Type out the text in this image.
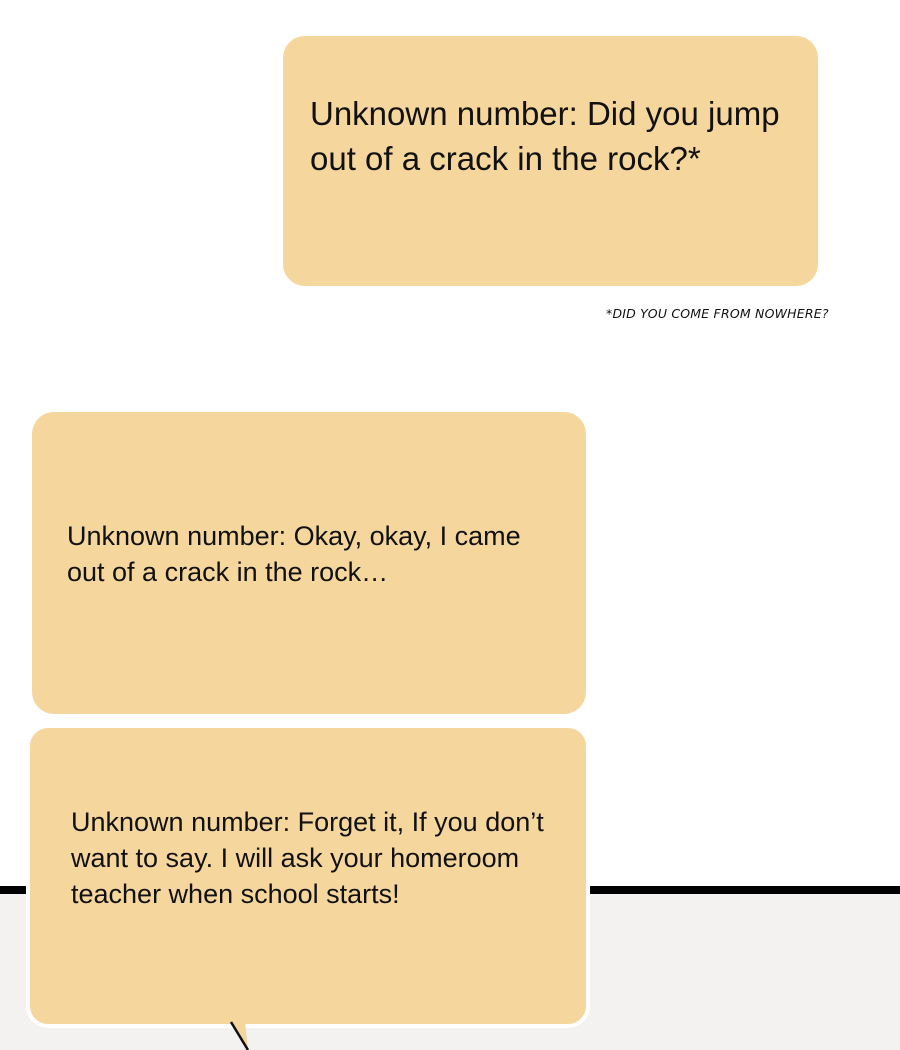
Unknown number: Did you jump out of a crack in the rock?*
*DID YOU COME FROM NOWHERE?
Unknown number: Okay, okay, I came out of a crack in the rock…
Unknown number: Forget it, If you don’t want to say. I will ask your homeroom teacher when school starts!
